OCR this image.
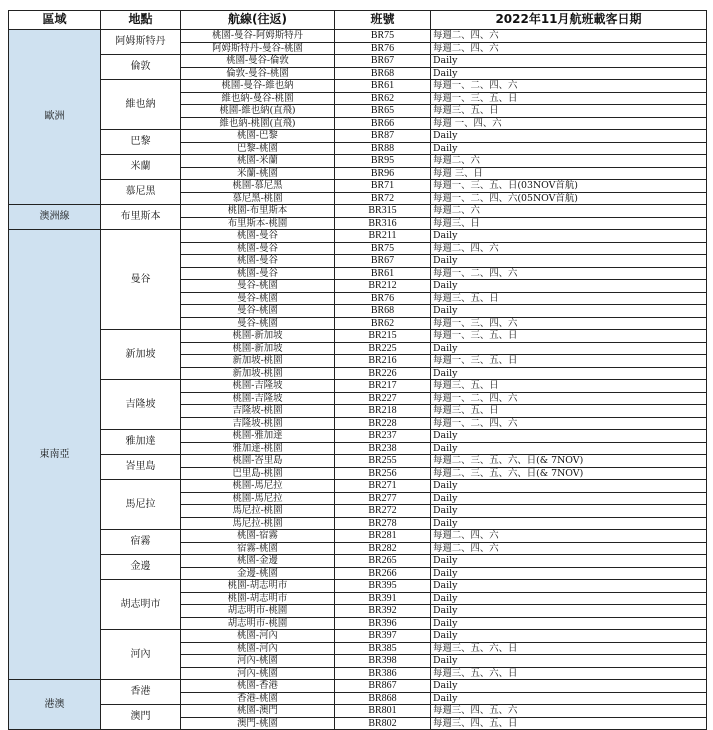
區域	地點	航線(往返)	班號	2022年11月航班載客日期
歐洲	阿姆斯特丹	桃園-曼谷-阿姆斯特丹	BR75	每週二、四、六
		阿姆斯特丹-曼谷-桃園	BR76	每週二、四、六
	倫敦	桃園-曼谷-倫敦	BR67	Daily
		倫敦-曼谷-桃園	BR68	Daily
	維也納	桃園-曼谷-維也納	BR61	每週一、二、四、六
		維也納-曼谷-桃園	BR62	每週一、三、五、日
		桃園-維也納(直飛)	BR65	每週三、五、日
		維也納-桃園(直飛)	BR66	每週 一、四、六
	巴黎	桃園-巴黎	BR87	Daily
		巴黎-桃園	BR88	Daily
	米蘭	桃園-米蘭	BR95	每週二、六
		米蘭-桃園	BR96	每週 三、日
	慕尼黑	桃園-慕尼黑	BR71	每週一、三、五、日(03NOV首航)
		慕尼黑-桃園	BR72	每週一、二、四、六(05NOV首航)
澳洲線	布里斯本	桃園-布里斯本	BR315	每週二、六
		布里斯本-桃園	BR316	每週三、日
東南亞	曼谷	桃園-曼谷	BR211	Daily
		桃園-曼谷	BR75	每週二、四、六
		桃園-曼谷	BR67	Daily
		桃園-曼谷	BR61	每週一、二、四、六
		曼谷-桃園	BR212	Daily
		曼谷-桃園	BR76	每週三、五、日
		曼谷-桃園	BR68	Daily
		曼谷-桃園	BR62	每週一、三、四、六
	新加坡	桃園-新加坡	BR215	每週一、三、五、日
		桃園-新加坡	BR225	Daily
		新加坡-桃園	BR216	每週一、三、五、日
		新加坡-桃園	BR226	Daily
	吉隆坡	桃園-吉隆坡	BR217	每週三、五、日
		桃園-吉隆坡	BR227	每週一、二、四、六
		吉隆坡-桃園	BR218	每週三、五、日
		吉隆坡-桃園	BR228	每週一、二、四、六
	雅加達	桃園-雅加達	BR237	Daily
		雅加達-桃園	BR238	Daily
	峇里島	桃園-峇里島	BR255	每週二、三、五、六、日(& 7NOV)
		巴里島-桃園	BR256	每週二、三、五、六、日(& 7NOV)
	馬尼拉	桃園-馬尼拉	BR271	Daily
		桃園-馬尼拉	BR277	Daily
		馬尼拉-桃園	BR272	Daily
		馬尼拉-桃園	BR278	Daily
	宿霧	桃園-宿霧	BR281	每週二、四、六
		宿霧-桃園	BR282	每週二、四、六
	金邊	桃園-金邊	BR265	Daily
		金邊-桃園	BR266	Daily
	胡志明市	桃園-胡志明市	BR395	Daily
		桃園-胡志明市	BR391	Daily
		胡志明市-桃園	BR392	Daily
		胡志明市-桃園	BR396	Daily
	河內	桃園-河內	BR397	Daily
		桃園-河內	BR385	每週三、五、六、日
		河內-桃園	BR398	Daily
		河內-桃園	BR386	每週三、五、六、日
港澳	香港	桃園-香港	BR867	Daily
		香港-桃園	BR868	Daily
	澳門	桃園-澳門	BR801	每週三、四、五、六
		澳門-桃園	BR802	每週三、四、五、日
